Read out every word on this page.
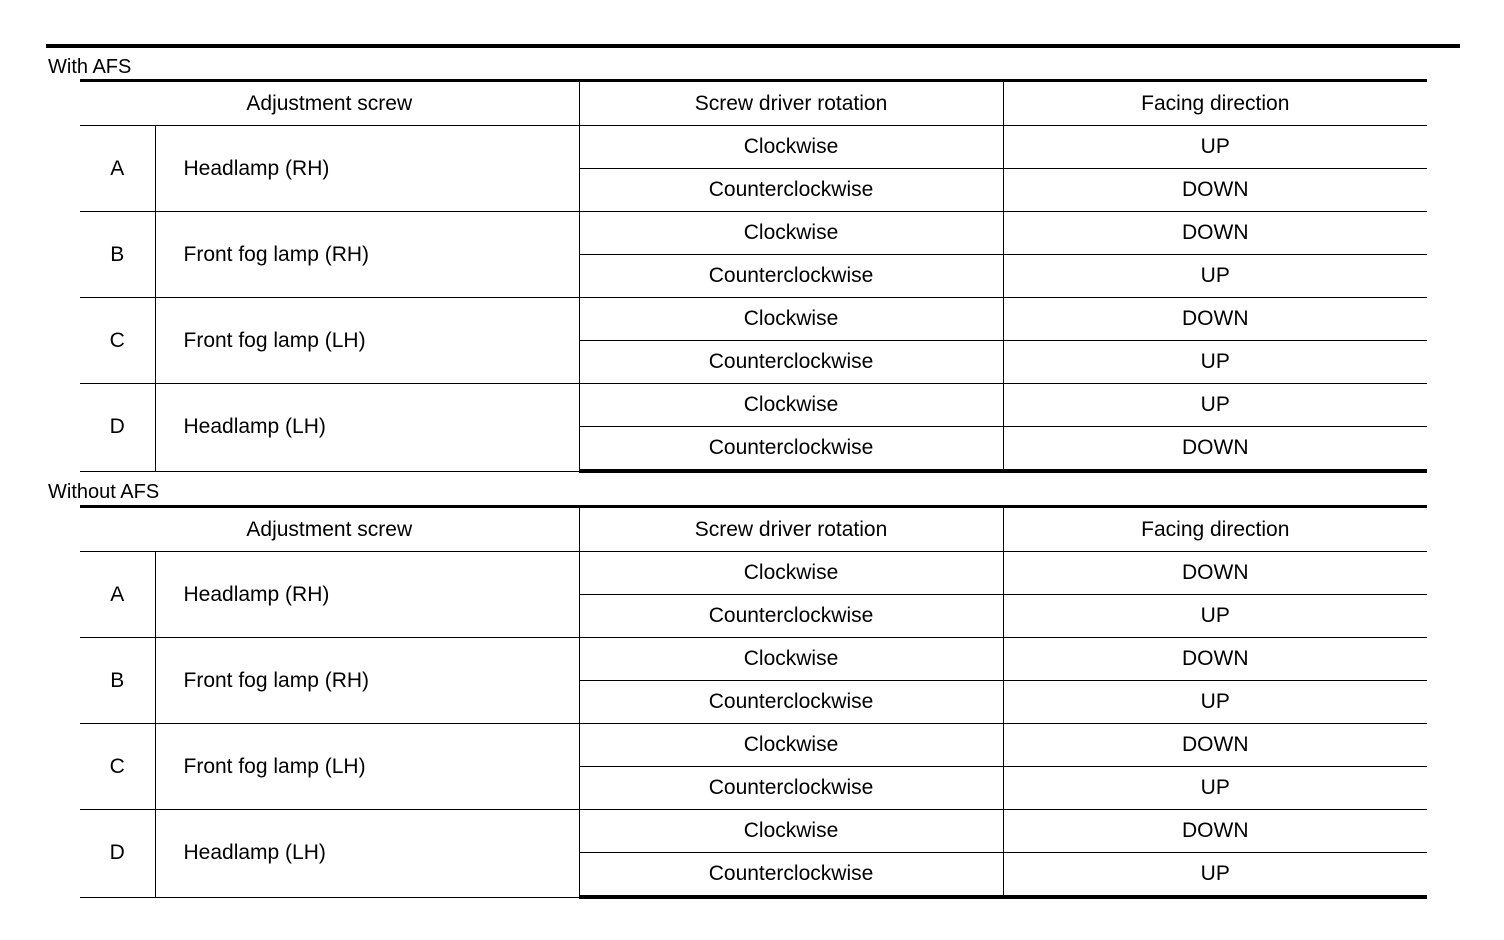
With AFS
Adjustment screw		Screw driver rotation	Facing direction
A	Headlamp (RH)	Clockwise	UP
		Counterclockwise	DOWN
B	Front fog lamp (RH)	Clockwise	DOWN
		Counterclockwise	UP
C	Front fog lamp (LH)	Clockwise	DOWN
		Counterclockwise	UP
D	Headlamp (LH)	Clockwise	UP
		Counterclockwise	DOWN
Without AFS
Adjustment screw		Screw driver rotation	Facing direction
A	Headlamp (RH)	Clockwise	DOWN
		Counterclockwise	UP
B	Front fog lamp (RH)	Clockwise	DOWN
		Counterclockwise	UP
C	Front fog lamp (LH)	Clockwise	DOWN
		Counterclockwise	UP
D	Headlamp (LH)	Clockwise	DOWN
		Counterclockwise	UP
